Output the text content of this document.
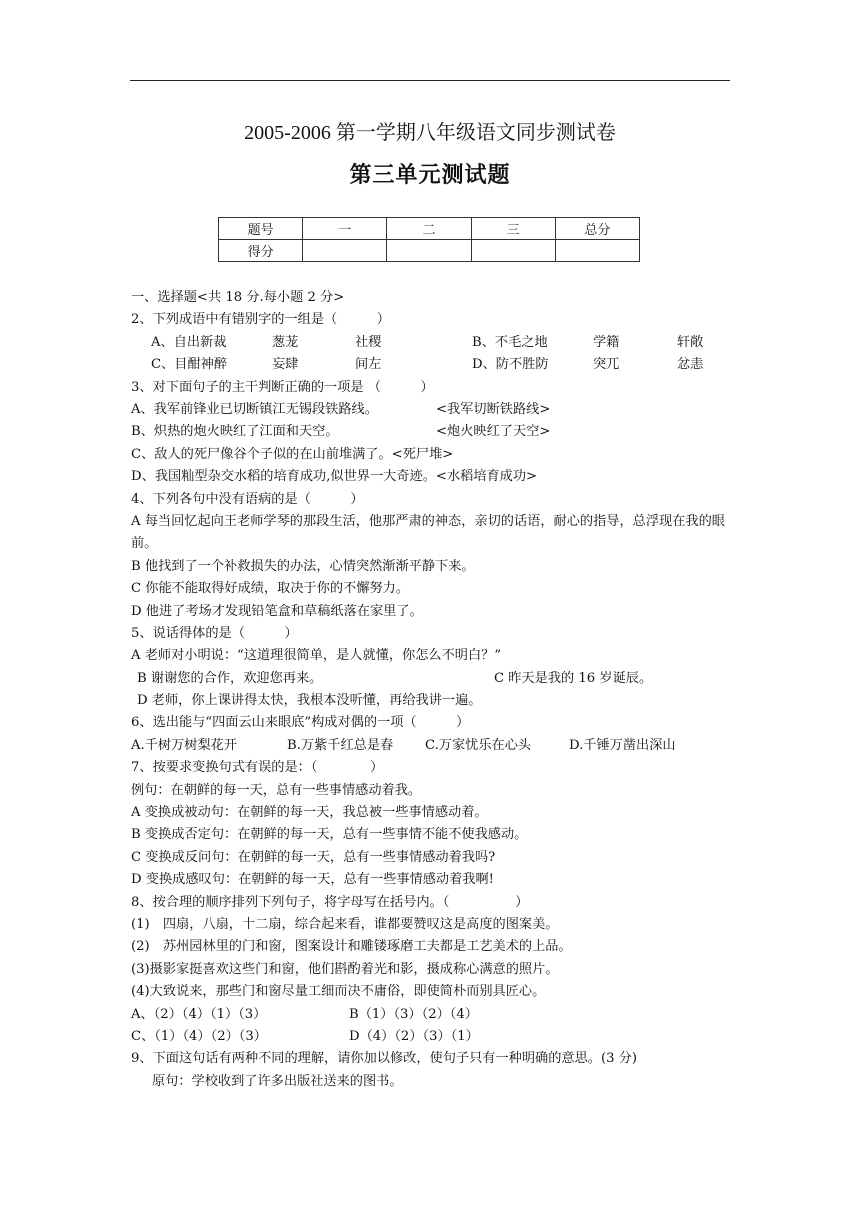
2005-2006 第一学期八年级语文同步测试卷
第三单元测试题
题号	一	二	三	总分
得分				
一、选择题<共 18 分.每小题 2 分>
2、下列成语中有错别字的一组是（　　　）
A、自出新裁	葱茏	社稷	B、不毛之地	学籍	轩敞
C、目酣神醉	妄肆	间左	D、防不胜防	突兀	忿恚
3、对下面句子的主干判断正确的一项是 （　　　）
A、我军前锋业已切断镇江无锡段铁路线。	<我军切断铁路线>
B、炽热的炮火映红了江面和天空。	<炮火映红了天空>
C、敌人的死尸像谷个子似的在山前堆满了。<死尸堆>
D、我国籼型杂交水稻的培育成功,似世界一大奇迹。<水稻培育成功>
4、下列各句中没有语病的是（　　　）
A 每当回忆起向王老师学琴的那段生活，他那严肃的神态，亲切的话语，耐心的指导，总浮现在我的眼前。
B 他找到了一个补救损失的办法，心情突然渐渐平静下来。
C 你能不能取得好成绩，取决于你的不懈努力。
D 他进了考场才发现铅笔盒和草稿纸落在家里了。
5、说话得体的是（　　　）
A 老师对小明说：“这道理很简单，是人就懂，你怎么不明白？”
B 谢谢您的合作，欢迎您再来。	C 昨天是我的 16 岁诞辰。
D 老师，你上课讲得太快，我根本没听懂，再给我讲一遍。
6、选出能与“四面云山来眼底”构成对偶的一项（　　　）
A.千树万树梨花开	B.万紫千红总是春	C.万家忧乐在心头	D.千锤万凿出深山
7、按要求变换句式有误的是：（　　　　）
例句：在朝鲜的每一天，总有一些事情感动着我。
A 变换成被动句：在朝鲜的每一天，我总被一些事情感动着。
B 变换成否定句：在朝鲜的每一天，总有一些事情不能不使我感动。
C 变换成反问句：在朝鲜的每一天，总有一些事情感动着我吗?
D 变换成感叹句：在朝鲜的每一天，总有一些事情感动着我啊!
8、按合理的顺序排列下列句子，将字母写在括号内。（　　　　　）
(1)　四扇，八扇，十二扇，综合起来看，谁都要赞叹这是高度的图案美。
(2)　苏州园林里的门和窗，图案设计和雕镂琢磨工夫都是工艺美术的上品。
(3)摄影家挺喜欢这些门和窗，他们斟酌着光和影，摄成称心满意的照片。
(4)大致说来，那些门和窗尽量工细而决不庸俗，即使简朴而别具匠心。
A、（2）（4）（1）（3）	B（1）（3）（2）（4）
C、（1）（4）（2）（3）	D（4）（2）（3）（1）
9、下面这句话有两种不同的理解，请你加以修改，使句子只有一种明确的意思。(3 分)
原句：学校收到了许多出版社送来的图书。
